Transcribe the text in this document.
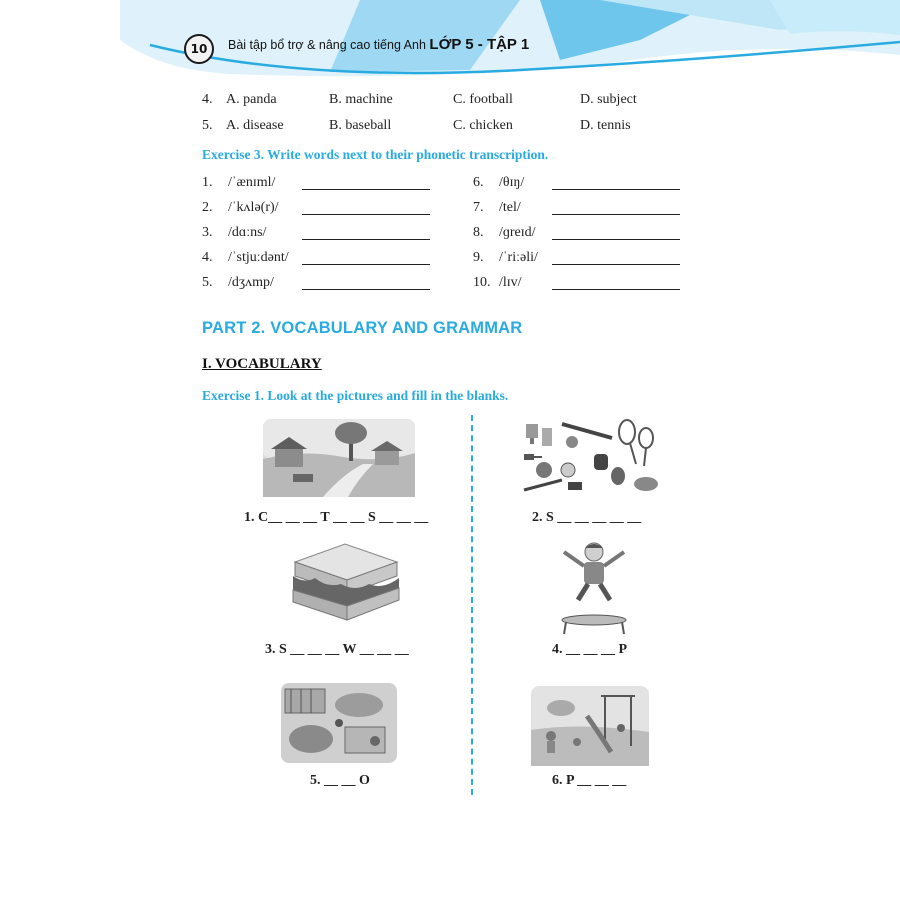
10	Bài tập bổ trợ & nâng cao tiếng Anh LỚP 5 - TẬP 1
4. A. panda	B. machine	C. football	D. subject
5. A. disease	B. baseball	C. chicken	D. tennis
Exercise 3. Write words next to their phonetic transcription.
1. /ˈænɪml/
2. /ˈkʌlə(r)/
3. /dɑːns/
4. /ˈstjuːdənt/
5. /dʒʌmp/
6. /θɪŋ/
7. /tel/
8. /ɡreɪd/
9. /ˈriːəli/
10. /lɪv/
PART 2. VOCABULARY AND GRAMMAR
I. VOCABULARY
Exercise 1. Look at the pictures and fill in the blanks.
1. C__ __ __ T __ __ S __ __ __	2. S __ __ __ __ __
3. S __ __ __ W __ __ __	4. __ __ __ P
5. __ __ O	6. P __ __ __
